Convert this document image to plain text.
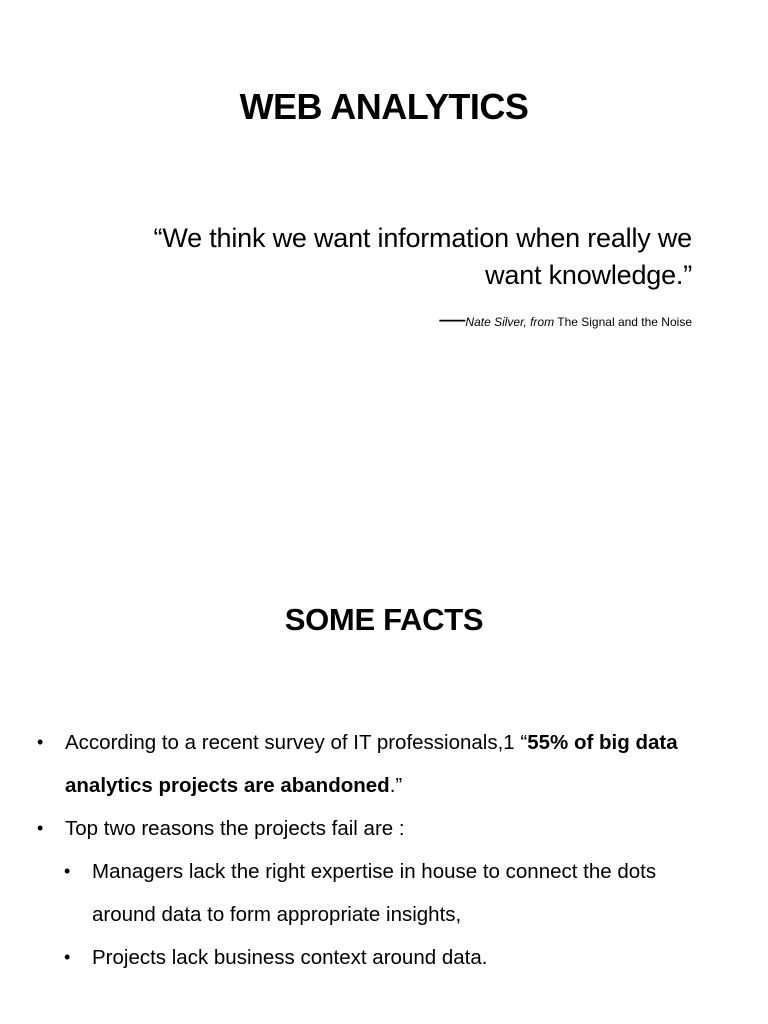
WEB ANALYTICS
“We think we want information when really we
want knowledge.”
—Nate Silver, from The Signal and the Noise
SOME FACTS
• According to a recent survey of IT professionals,1 “55% of big data analytics projects are abandoned.”
• Top two reasons the projects fail are :
• Managers lack the right expertise in house to connect the dots around data to form appropriate insights,
• Projects lack business context around data.
